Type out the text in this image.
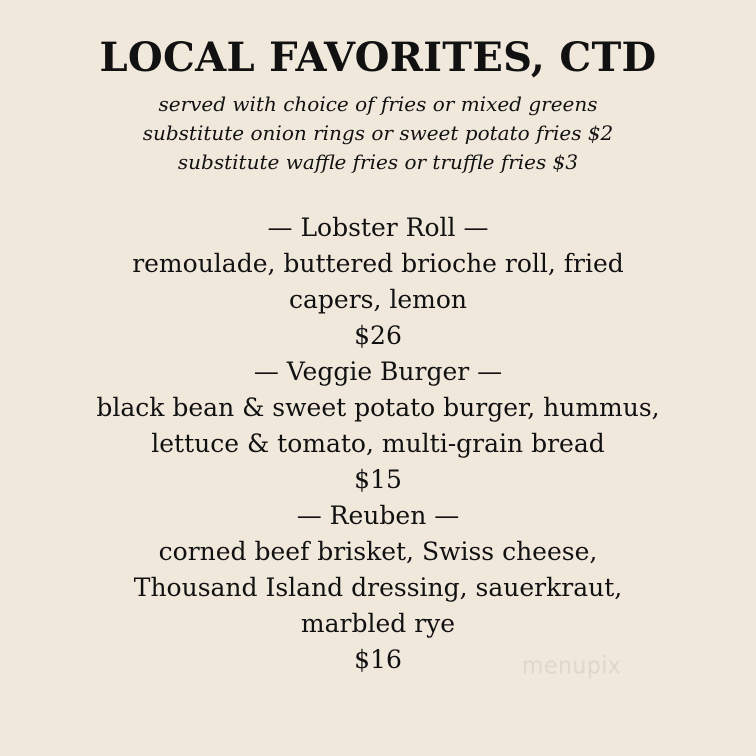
LOCAL FAVORITES, CTD
served with choice of fries or mixed greens
substitute onion rings or sweet potato fries $2
substitute waffle fries or truffle fries $3
— Lobster Roll —
remoulade, buttered brioche roll, fried
capers, lemon
$26
— Veggie Burger —
black bean & sweet potato burger, hummus,
lettuce & tomato, multi-grain bread
$15
— Reuben —
corned beef brisket, Swiss cheese,
Thousand Island dressing, sauerkraut,
marbled rye
$16	menupix
